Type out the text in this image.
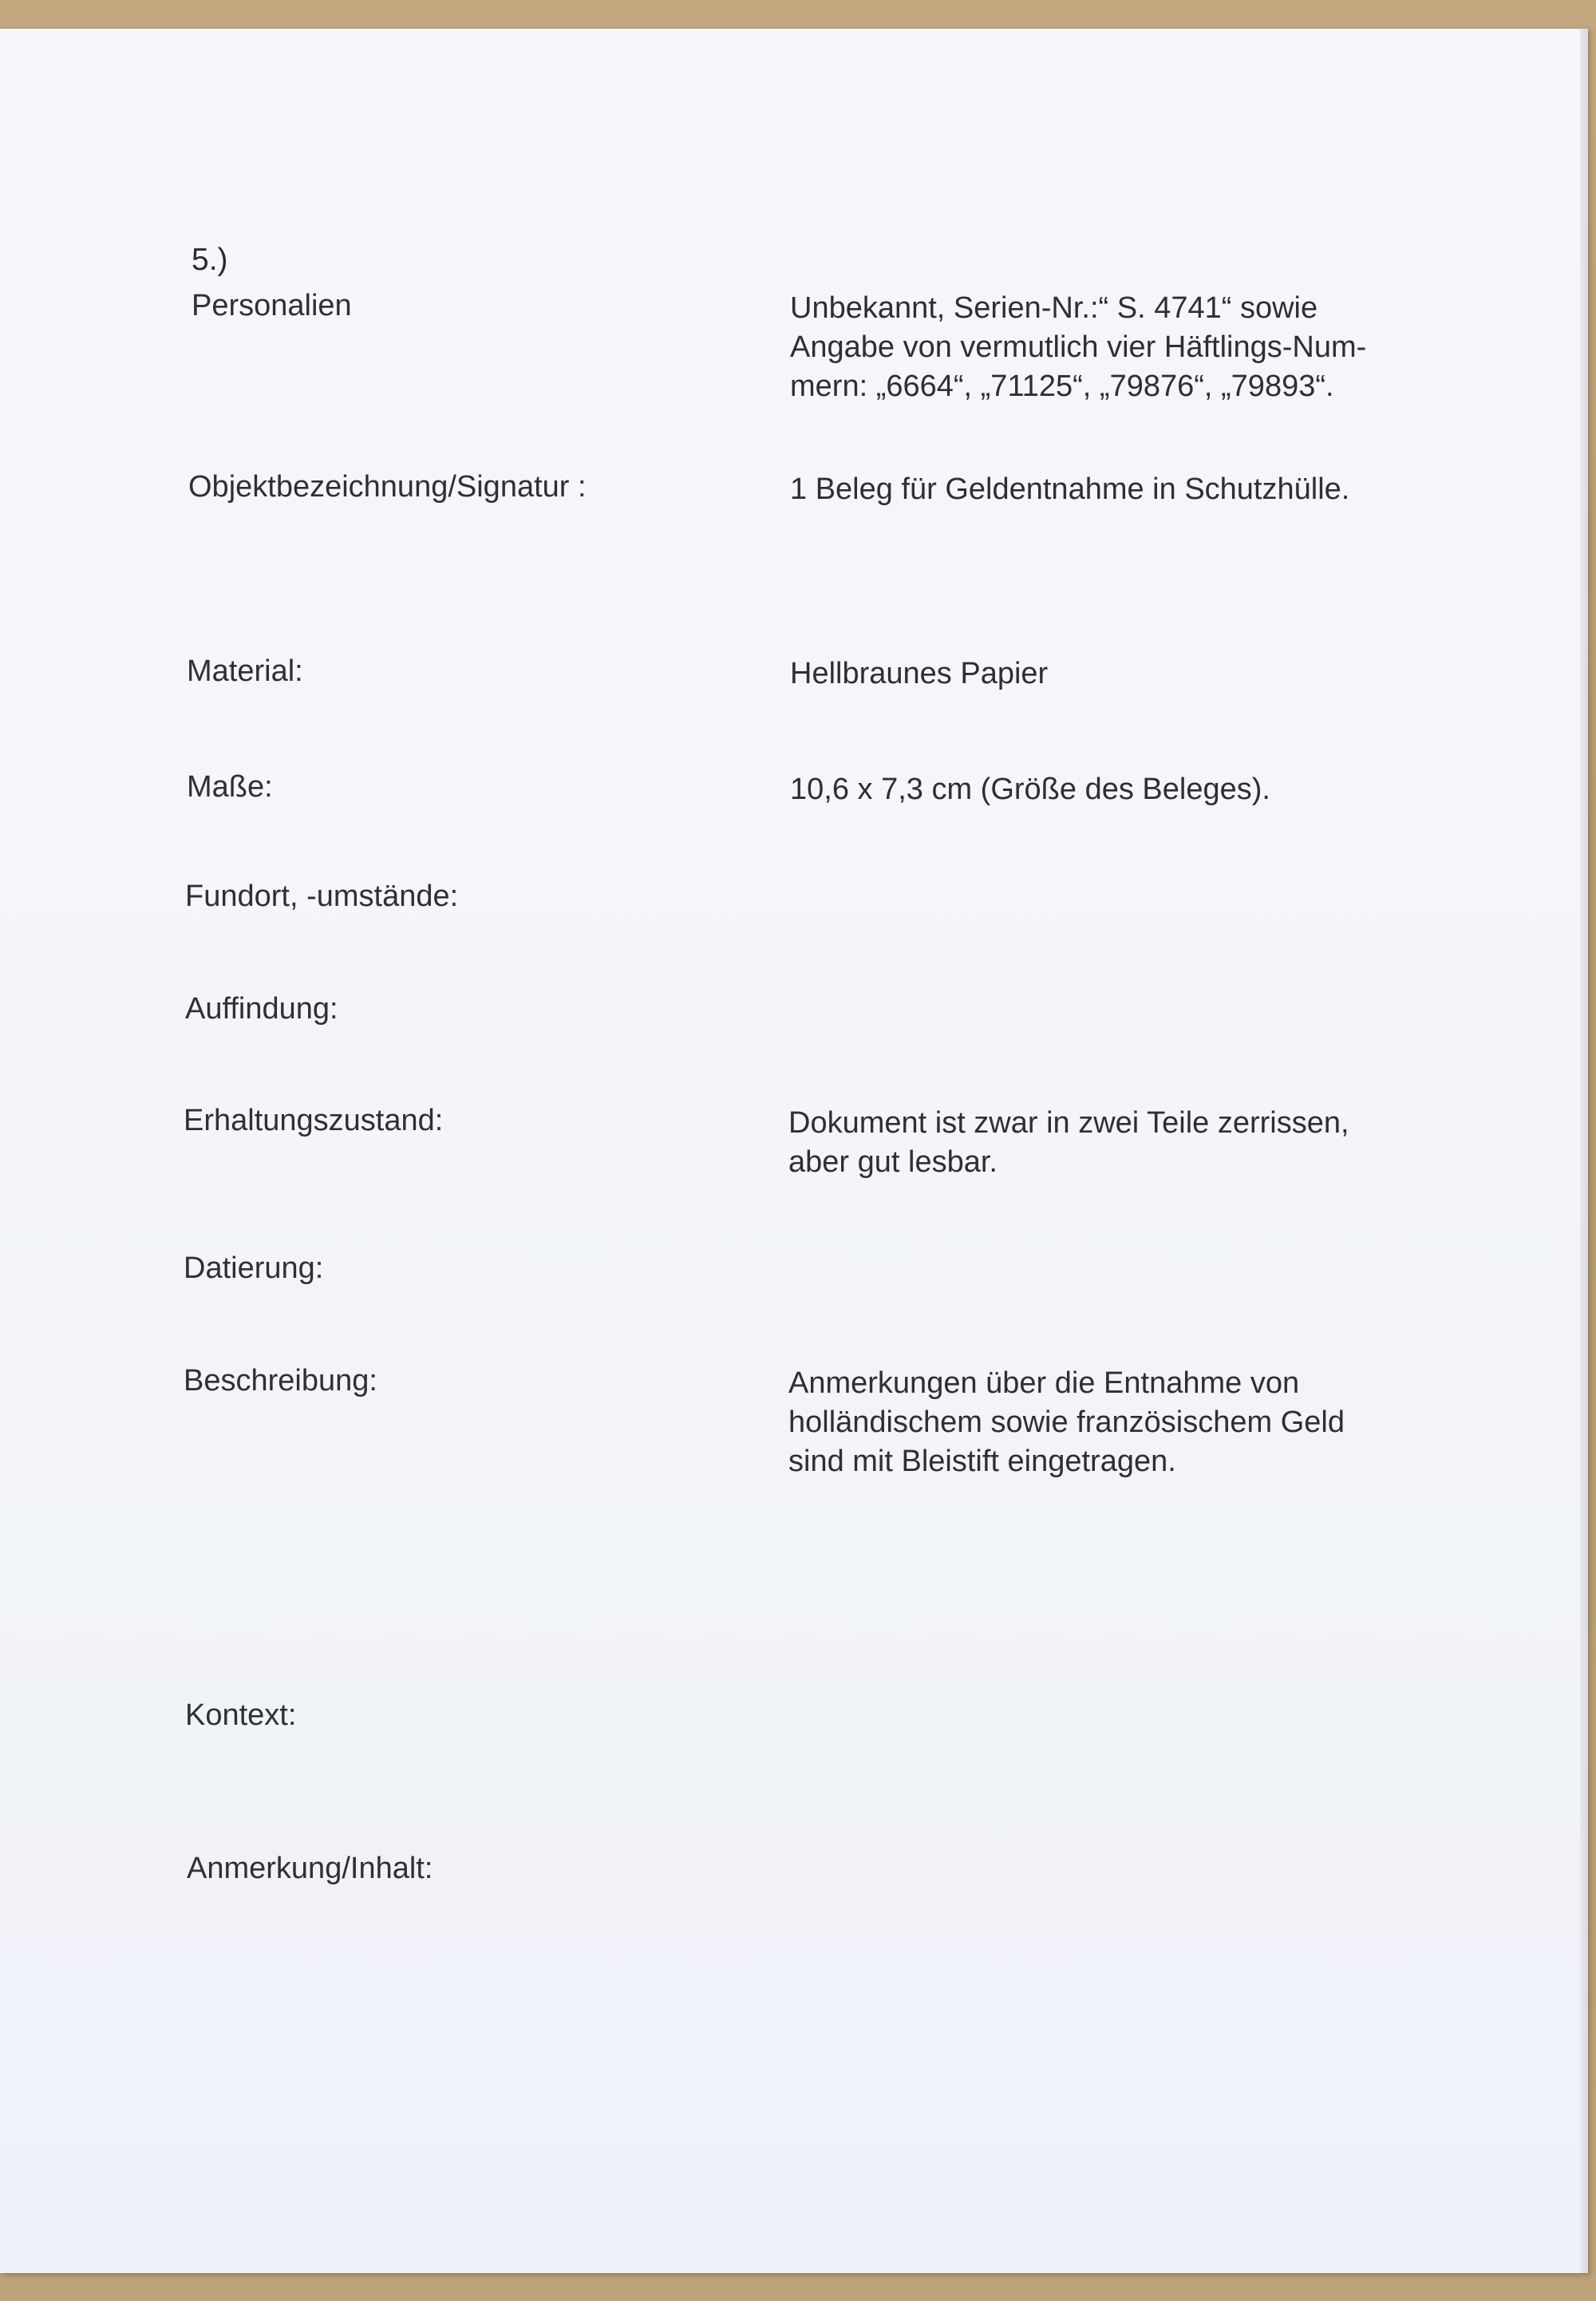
5.)
Personalien	Unbekannt, Serien-Nr.:“ S. 4741“ sowie
Angabe von vermutlich vier Häftlings-Num-
mern: „6664“, „71125“, „79876“, „79893“.
Objektbezeichnung/Signatur :	1 Beleg für Geldentnahme in Schutzhülle.
Material:	Hellbraunes Papier
Maße:	10,6 x 7,3 cm (Größe des Beleges).
Fundort, -umstände:
Auffindung:
Erhaltungszustand:	Dokument ist zwar in zwei Teile zerrissen,
aber gut lesbar.
Datierung:
Beschreibung:	Anmerkungen über die Entnahme von
holländischem sowie französischem Geld
sind mit Bleistift eingetragen.
Kontext:
Anmerkung/Inhalt:
